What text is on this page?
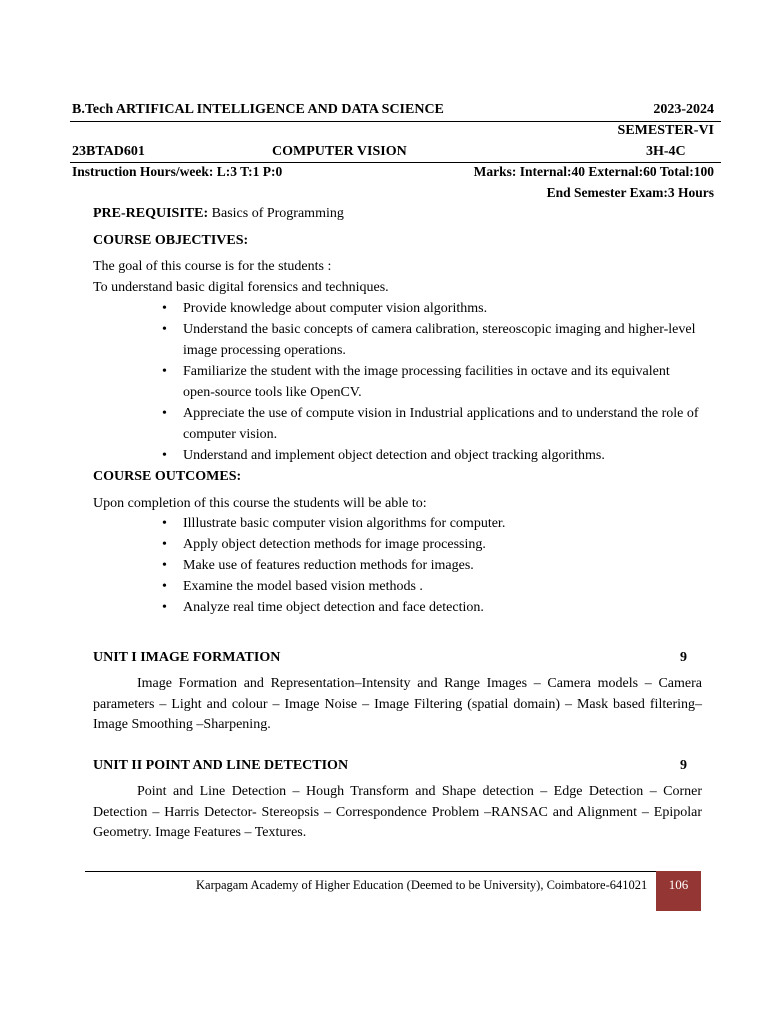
B.Tech ARTIFICAL INTELLIGENCE AND DATA SCIENCE	2023-2024
SEMESTER-VI
23BTAD601	COMPUTER VISION	3H-4C
Instruction Hours/week: L:3 T:1 P:0	Marks: Internal:40 External:60 Total:100
End Semester Exam:3 Hours
PRE-REQUISITE: Basics of Programming
COURSE OBJECTIVES:
The goal of this course is for the students :
To understand basic digital forensics and techniques.
• Provide knowledge about computer vision algorithms.
• Understand the basic concepts of camera calibration, stereoscopic imaging and higher-level image processing operations.
• Familiarize the student with the image processing facilities in octave and its equivalent open-source tools like OpenCV.
• Appreciate the use of compute vision in Industrial applications and to understand the role of computer vision.
• Understand and implement object detection and object tracking algorithms.
COURSE OUTCOMES:
Upon completion of this course the students will be able to:
• Illlustrate basic computer vision algorithms for computer.
• Apply object detection methods for image processing.
• Make use of features reduction methods for images.
• Examine the model based vision methods .
• Analyze real time object detection and face detection.
UNIT I IMAGE FORMATION	9
Image Formation and Representation–Intensity and Range Images – Camera models – Camera parameters – Light and colour – Image Noise – Image Filtering (spatial domain) – Mask based filtering– Image Smoothing –Sharpening.
UNIT II POINT AND LINE DETECTION	9
Point and Line Detection – Hough Transform and Shape detection – Edge Detection – Corner Detection – Harris Detector- Stereopsis – Correspondence Problem –RANSAC and Alignment – Epipolar Geometry. Image Features – Textures.
Karpagam Academy of Higher Education (Deemed to be University), Coimbatore-641021	106
